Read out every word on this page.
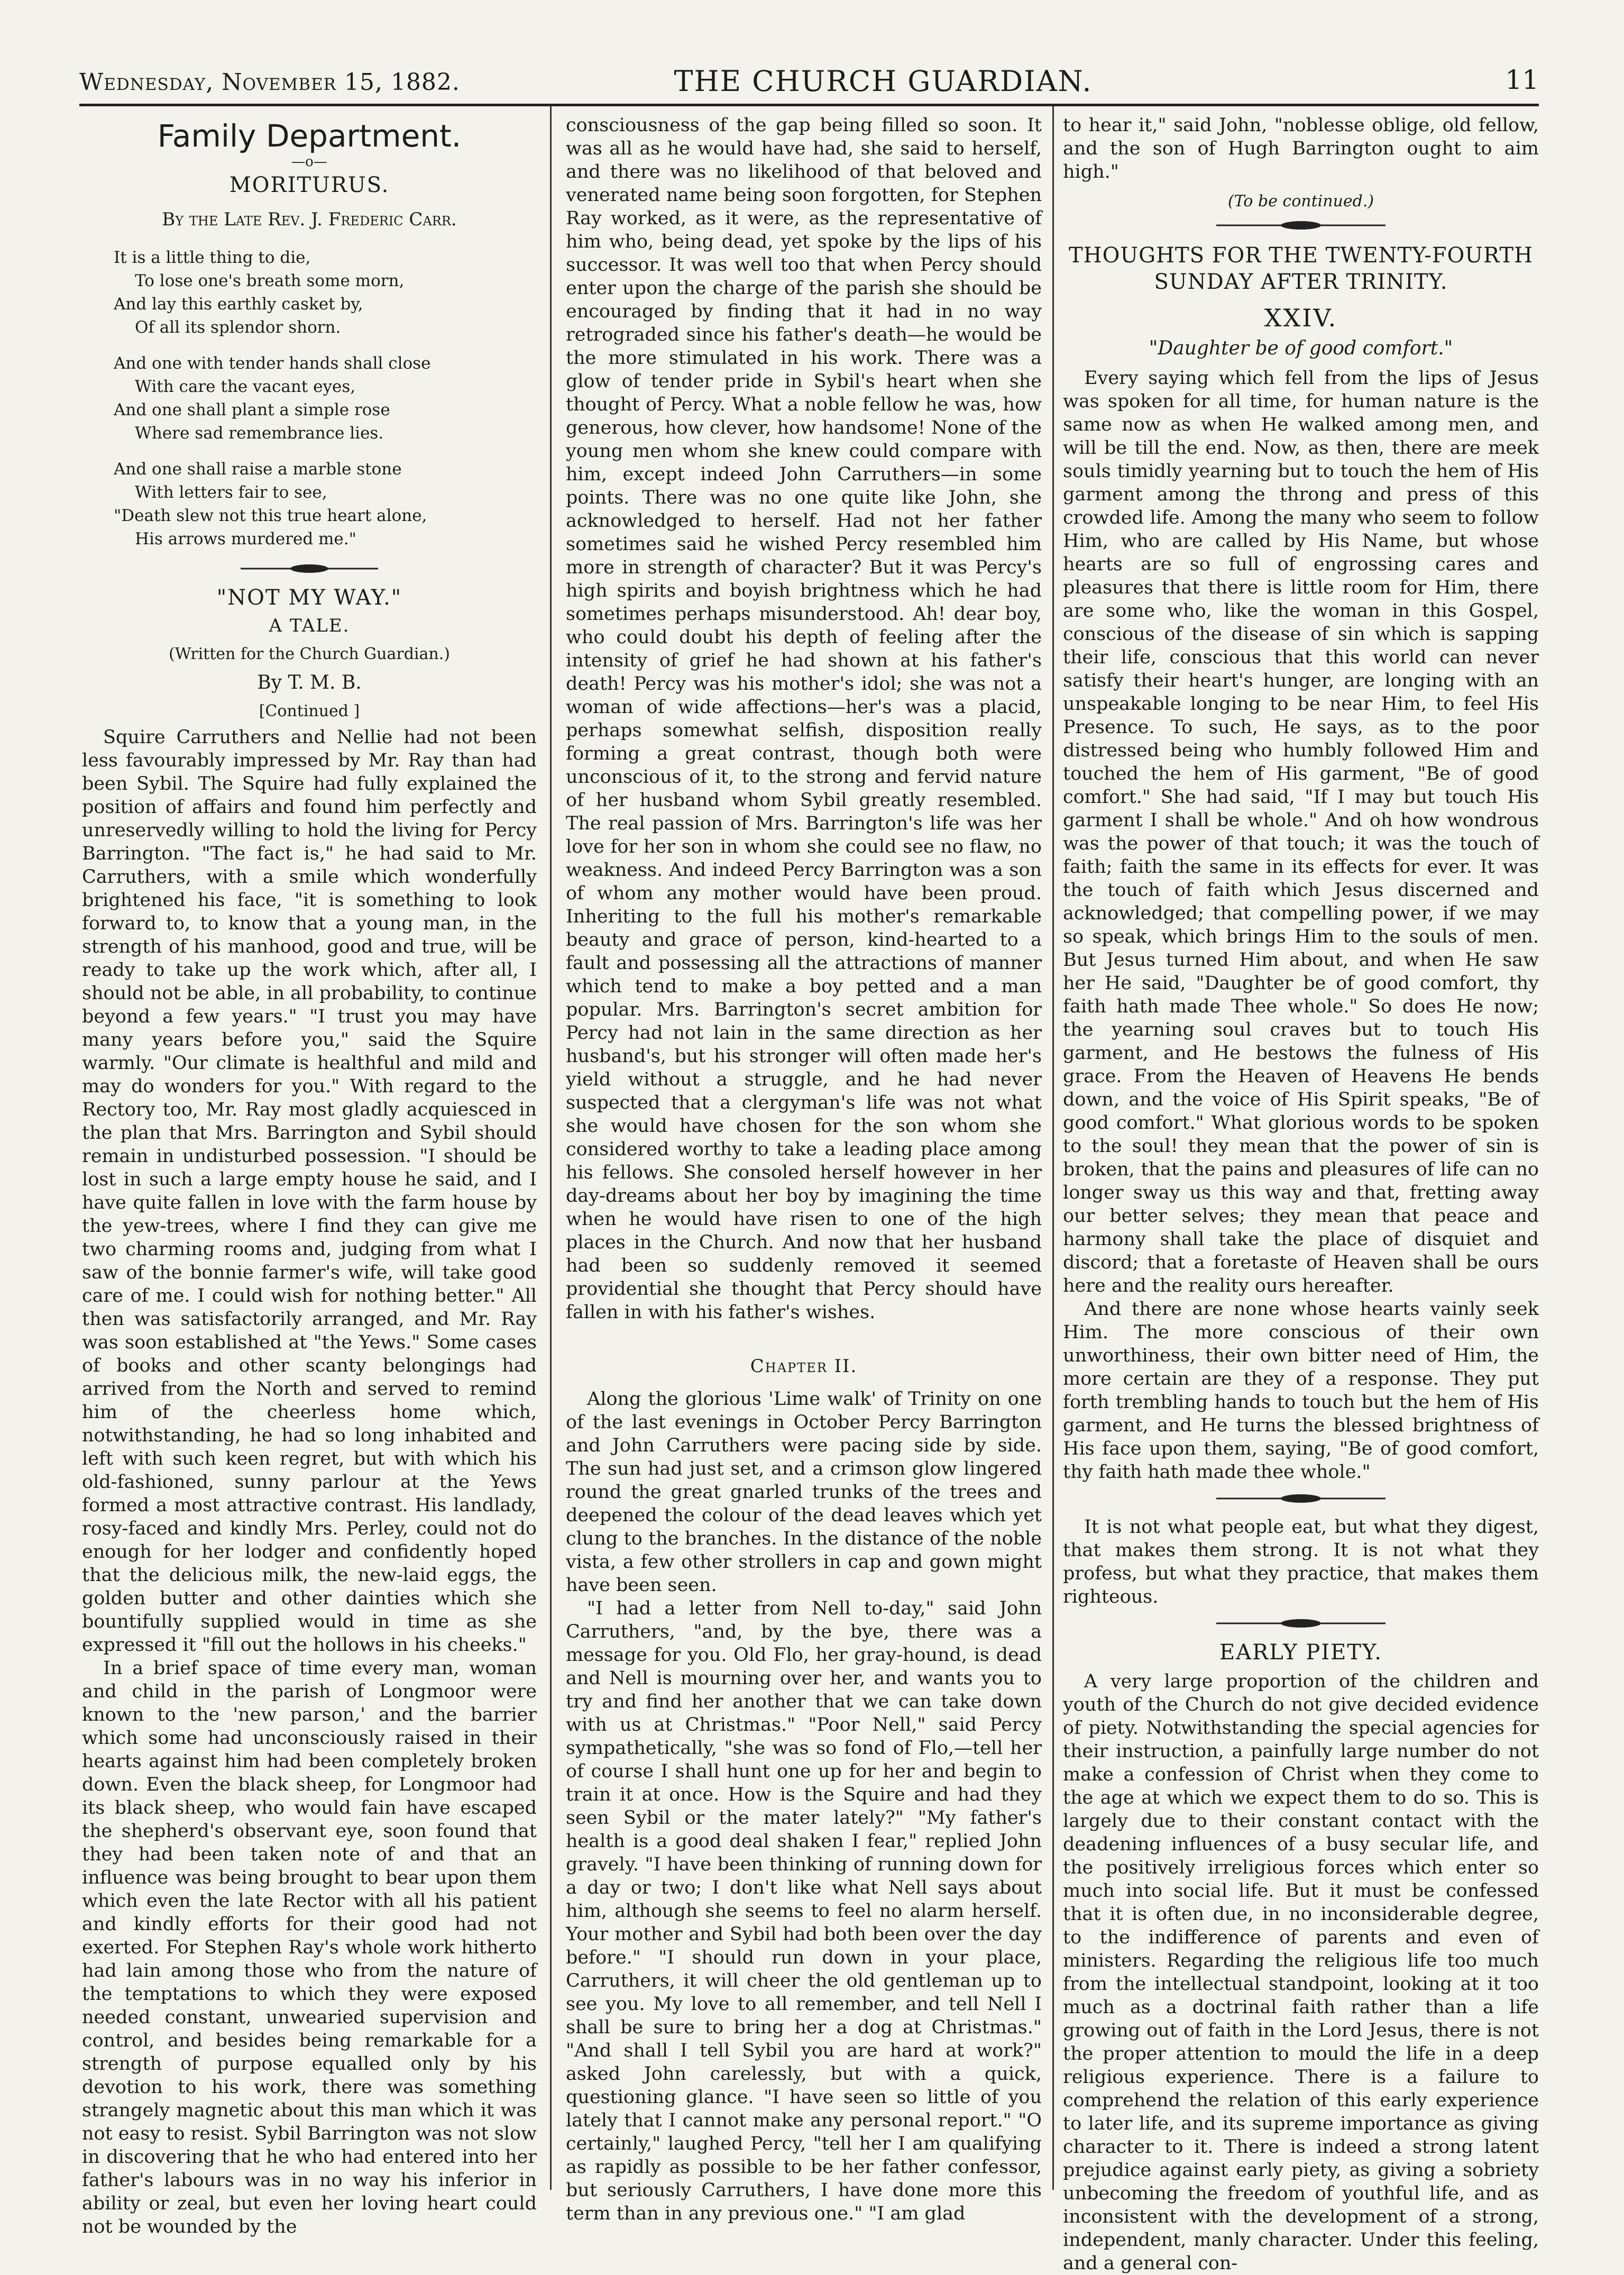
Wednesday, November 15, 1882.	THE CHURCH GUARDIAN.	11
Family Department.
—o—
MORITURUS.
By the Late Rev. J. Frederic Carr.
It is a little thing to die,
To lose one's breath some morn,
And lay this earthly casket by,
Of all its splendor shorn.
And one with tender hands shall close
With care the vacant eyes,
And one shall plant a simple rose
Where sad remembrance lies.
And one shall raise a marble stone
With letters fair to see,
"Death slew not this true heart alone,
His arrows murdered me."
"NOT MY WAY."
A TALE.
(Written for the Church Guardian.)
By T. M. B.
[Continued ]

Squire Carruthers and Nellie had not been less favourably impressed by Mr. Ray than had been Sybil. The Squire had fully explained the position of affairs and found him perfectly and unreservedly willing to hold the living for Percy Barrington. "The fact is," he had said to Mr. Carruthers, with a smile which wonderfully brightened his face, "it is something to look forward to, to know that a young man, in the strength of his manhood, good and true, will be ready to take up the work which, after all, I should not be able, in all probability, to continue beyond a few years." "I trust you may have many years before you," said the Squire warmly. "Our climate is healthful and mild and may do wonders for you." With regard to the Rectory too, Mr. Ray most gladly acquiesced in the plan that Mrs. Barrington and Sybil should remain in undisturbed possession. "I should be lost in such a large empty house he said, and I have quite fallen in love with the farm house by the yew-trees, where I find they can give me two charming rooms and, judging from what I saw of the bonnie farmer's wife, will take good care of me. I could wish for nothing better." All then was satisfactorily arranged, and Mr. Ray was soon established at "the Yews." Some cases of books and other scanty belongings had arrived from the North and served to remind him of the cheerless home which, notwithstanding, he had so long inhabited and left with such keen regret, but with which his old-fashioned, sunny parlour at the Yews formed a most attractive contrast. His landlady, rosy-faced and kindly Mrs. Perley, could not do enough for her lodger and confidently hoped that the delicious milk, the new-laid eggs, the golden butter and other dainties which she bountifully supplied would in time as she expressed it "fill out the hollows in his cheeks."

In a brief space of time every man, woman and child in the parish of Longmoor were known to the 'new parson,' and the barrier which some had unconsciously raised in their hearts against him had been completely broken down. Even the black sheep, for Longmoor had its black sheep, who would fain have escaped the shepherd's observant eye, soon found that they had been taken note of and that an influence was being brought to bear upon them which even the late Rector with all his patient and kindly efforts for their good had not exerted. For Stephen Ray's whole work hitherto had lain among those who from the nature of the temptations to which they were exposed needed constant, unwearied supervision and control, and besides being remarkable for a strength of purpose equalled only by his devotion to his work, there was something strangely magnetic about this man which it was not easy to resist. Sybil Barrington was not slow in discovering that he who had entered into her father's labours was in no way his inferior in ability or zeal, but even her loving heart could not be wounded by the

consciousness of the gap being filled so soon. It was all as he would have had, she said to herself, and there was no likelihood of that beloved and venerated name being soon forgotten, for Stephen Ray worked, as it were, as the representative of him who, being dead, yet spoke by the lips of his successor. It was well too that when Percy should enter upon the charge of the parish she should be encouraged by finding that it had in no way retrograded since his father's death—he would be the more stimulated in his work. There was a glow of tender pride in Sybil's heart when she thought of Percy. What a noble fellow he was, how generous, how clever, how handsome! None of the young men whom she knew could compare with him, except indeed John Carruthers—in some points. There was no one quite like John, she acknowledged to herself. Had not her father sometimes said he wished Percy resembled him more in strength of character? But it was Percy's high spirits and boyish brightness which he had sometimes perhaps misunderstood. Ah! dear boy, who could doubt his depth of feeling after the intensity of grief he had shown at his father's death! Percy was his mother's idol; she was not a woman of wide affections—her's was a placid, perhaps somewhat selfish, disposition really forming a great contrast, though both were unconscious of it, to the strong and fervid nature of her husband whom Sybil greatly resembled. The real passion of Mrs. Barrington's life was her love for her son in whom she could see no flaw, no weakness. And indeed Percy Barrington was a son of whom any mother would have been proud. Inheriting to the full his mother's remarkable beauty and grace of person, kind-hearted to a fault and possessing all the attractions of manner which tend to make a boy petted and a man popular. Mrs. Barrington's secret ambition for Percy had not lain in the same direction as her husband's, but his stronger will often made her's yield without a struggle, and he had never suspected that a clergyman's life was not what she would have chosen for the son whom she considered worthy to take a leading place among his fellows. She consoled herself however in her day-dreams about her boy by imagining the time when he would have risen to one of the high places in the Church. And now that her husband had been so suddenly removed it seemed providential she thought that Percy should have fallen in with his father's wishes.

Chapter II.

Along the glorious 'Lime walk' of Trinity on one of the last evenings in October Percy Barrington and John Carruthers were pacing side by side. The sun had just set, and a crimson glow lingered round the great gnarled trunks of the trees and deepened the colour of the dead leaves which yet clung to the branches. In the distance of the noble vista, a few other strollers in cap and gown might have been seen.

"I had a letter from Nell to-day," said John Carruthers, "and, by the bye, there was a message for you. Old Flo, her gray-hound, is dead and Nell is mourning over her, and wants you to try and find her another that we can take down with us at Christmas." "Poor Nell," said Percy sympathetically, "she was so fond of Flo,—tell her of course I shall hunt one up for her and begin to train it at once. How is the Squire and had they seen Sybil or the mater lately?" "My father's health is a good deal shaken I fear," replied John gravely. "I have been thinking of running down for a day or two; I don't like what Nell says about him, although she seems to feel no alarm herself. Your mother and Sybil had both been over the day before." "I should run down in your place, Carruthers, it will cheer the old gentleman up to see you. My love to all remember, and tell Nell I shall be sure to bring her a dog at Christmas." "And shall I tell Sybil you are hard at work?" asked John carelessly, but with a quick, questioning glance. "I have seen so little of you lately that I cannot make any personal report." "O certainly," laughed Percy, "tell her I am qualifying as rapidly as possible to be her father confessor, but seriously Carruthers, I have done more this term than in any previous one." "I am glad

to hear it," said John, "noblesse oblige, old fellow, and the son of Hugh Barrington ought to aim high."

(To be continued.)
THOUGHTS FOR THE TWENTY-FOURTH SUNDAY AFTER TRINITY.
XXIV.
"Daughter be of good comfort."

Every saying which fell from the lips of Jesus was spoken for all time, for human nature is the same now as when He walked among men, and will be till the end. Now, as then, there are meek souls timidly yearning but to touch the hem of His garment among the throng and press of this crowded life. Among the many who seem to follow Him, who are called by His Name, but whose hearts are so full of engrossing cares and pleasures that there is little room for Him, there are some who, like the woman in this Gospel, conscious of the disease of sin which is sapping their life, conscious that this world can never satisfy their heart's hunger, are longing with an unspeakable longing to be near Him, to feel His Presence. To such, He says, as to the poor distressed being who humbly followed Him and touched the hem of His garment, "Be of good comfort." She had said, "If I may but touch His garment I shall be whole." And oh how wondrous was the power of that touch; it was the touch of faith; faith the same in its effects for ever. It was the touch of faith which Jesus discerned and acknowledged; that compelling power, if we may so speak, which brings Him to the souls of men. But Jesus turned Him about, and when He saw her He said, "Daughter be of good comfort, thy faith hath made Thee whole." So does He now; the yearning soul craves but to touch His garment, and He bestows the fulness of His grace. From the Heaven of Heavens He bends down, and the voice of His Spirit speaks, "Be of good comfort." What glorious words to be spoken to the soul! they mean that the power of sin is broken, that the pains and pleasures of life can no longer sway us this way and that, fretting away our better selves; they mean that peace and harmony shall take the place of disquiet and discord; that a foretaste of Heaven shall be ours here and the reality ours hereafter.

And there are none whose hearts vainly seek Him. The more conscious of their own unworthiness, their own bitter need of Him, the more certain are they of a response. They put forth trembling hands to touch but the hem of His garment, and He turns the blessed brightness of His face upon them, saying, "Be of good comfort, thy faith hath made thee whole."

It is not what people eat, but what they digest, that makes them strong. It is not what they profess, but what they practice, that makes them righteous.

EARLY PIETY.

A very large proportion of the children and youth of the Church do not give decided evidence of piety. Notwithstanding the special agencies for their instruction, a painfully large number do not make a confession of Christ when they come to the age at which we expect them to do so. This is largely due to their constant contact with the deadening influences of a busy secular life, and the positively irreligious forces which enter so much into social life. But it must be confessed that it is often due, in no inconsiderable degree, to the indifference of parents and even of ministers. Regarding the religious life too much from the intellectual standpoint, looking at it too much as a doctrinal faith rather than a life growing out of faith in the Lord Jesus, there is not the proper attention to mould the life in a deep religious experience. There is a failure to comprehend the relation of this early experience to later life, and its supreme importance as giving character to it. There is indeed a strong latent prejudice against early piety, as giving a sobriety unbecoming the freedom of youthful life, and as inconsistent with the development of a strong, independent, manly character. Under this feeling, and a general con-
